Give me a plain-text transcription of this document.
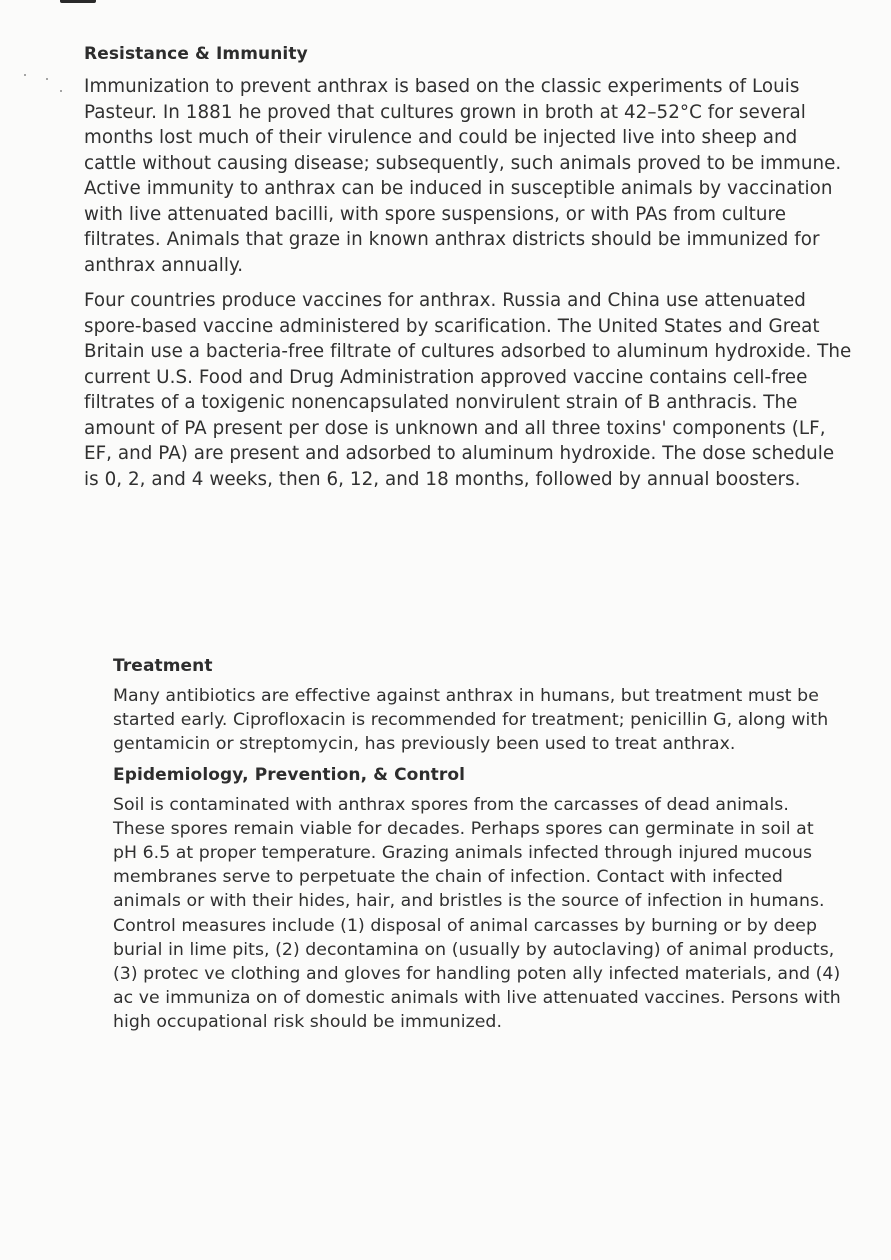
Resistance & Immunity

Immunization to prevent anthrax is based on the classic experiments of Louis Pasteur. In 1881 he proved that cultures grown in broth at 42–52°C for several months lost much of their virulence and could be injected live into sheep and cattle without causing disease; subsequently, such animals proved to be immune. Active immunity to anthrax can be induced in susceptible animals by vaccination with live attenuated bacilli, with spore suspensions, or with PAs from culture filtrates. Animals that graze in known anthrax districts should be immunized for anthrax annually.

Four countries produce vaccines for anthrax. Russia and China use attenuated spore-based vaccine administered by scarification. The United States and Great Britain use a bacteria-free filtrate of cultures adsorbed to aluminum hydroxide. The current U.S. Food and Drug Administration approved vaccine contains cell-free filtrates of a toxigenic nonencapsulated nonvirulent strain of B anthracis. The amount of PA present per dose is unknown and all three toxins' components (LF, EF, and PA) are present and adsorbed to aluminum hydroxide. The dose schedule is 0, 2, and 4 weeks, then 6, 12, and 18 months, followed by annual boosters.

Treatment

Many antibiotics are effective against anthrax in humans, but treatment must be started early. Ciprofloxacin is recommended for treatment; penicillin G, along with gentamicin or streptomycin, has previously been used to treat anthrax.

Epidemiology, Prevention, & Control

Soil is contaminated with anthrax spores from the carcasses of dead animals. These spores remain viable for decades. Perhaps spores can germinate in soil at pH 6.5 at proper temperature. Grazing animals infected through injured mucous membranes serve to perpetuate the chain of infection. Contact with infected animals or with their hides, hair, and bristles is the source of infection in humans. Control measures include (1) disposal of animal carcasses by burning or by deep burial in lime pits, (2) decontamina on (usually by autoclaving) of animal products, (3) protec ve clothing and gloves for handling poten ally infected materials, and (4) ac ve immuniza on of domestic animals with live attenuated vaccines. Persons with high occupational risk should be immunized.
